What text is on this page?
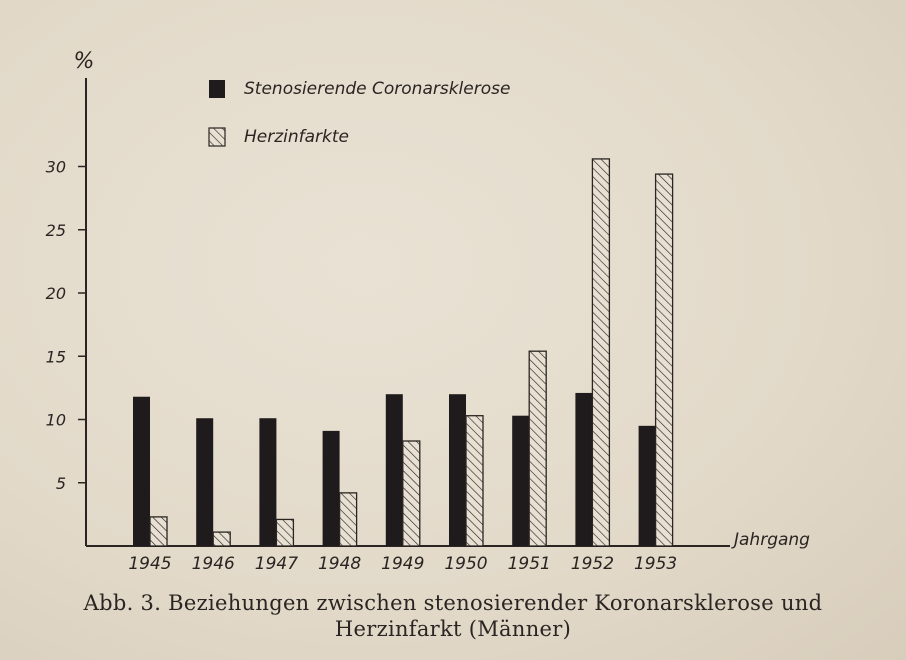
%
Jahrgang
5
10
15
20
25
30
1945 1946 1947 1948 1949 1950 1951 1952 1953
Stenosierende Coronarsklerose
Herzinfarkte
Abb. 3. Beziehungen zwischen stenosierender Koronarsklerose und
Herzinfarkt (Männer)
